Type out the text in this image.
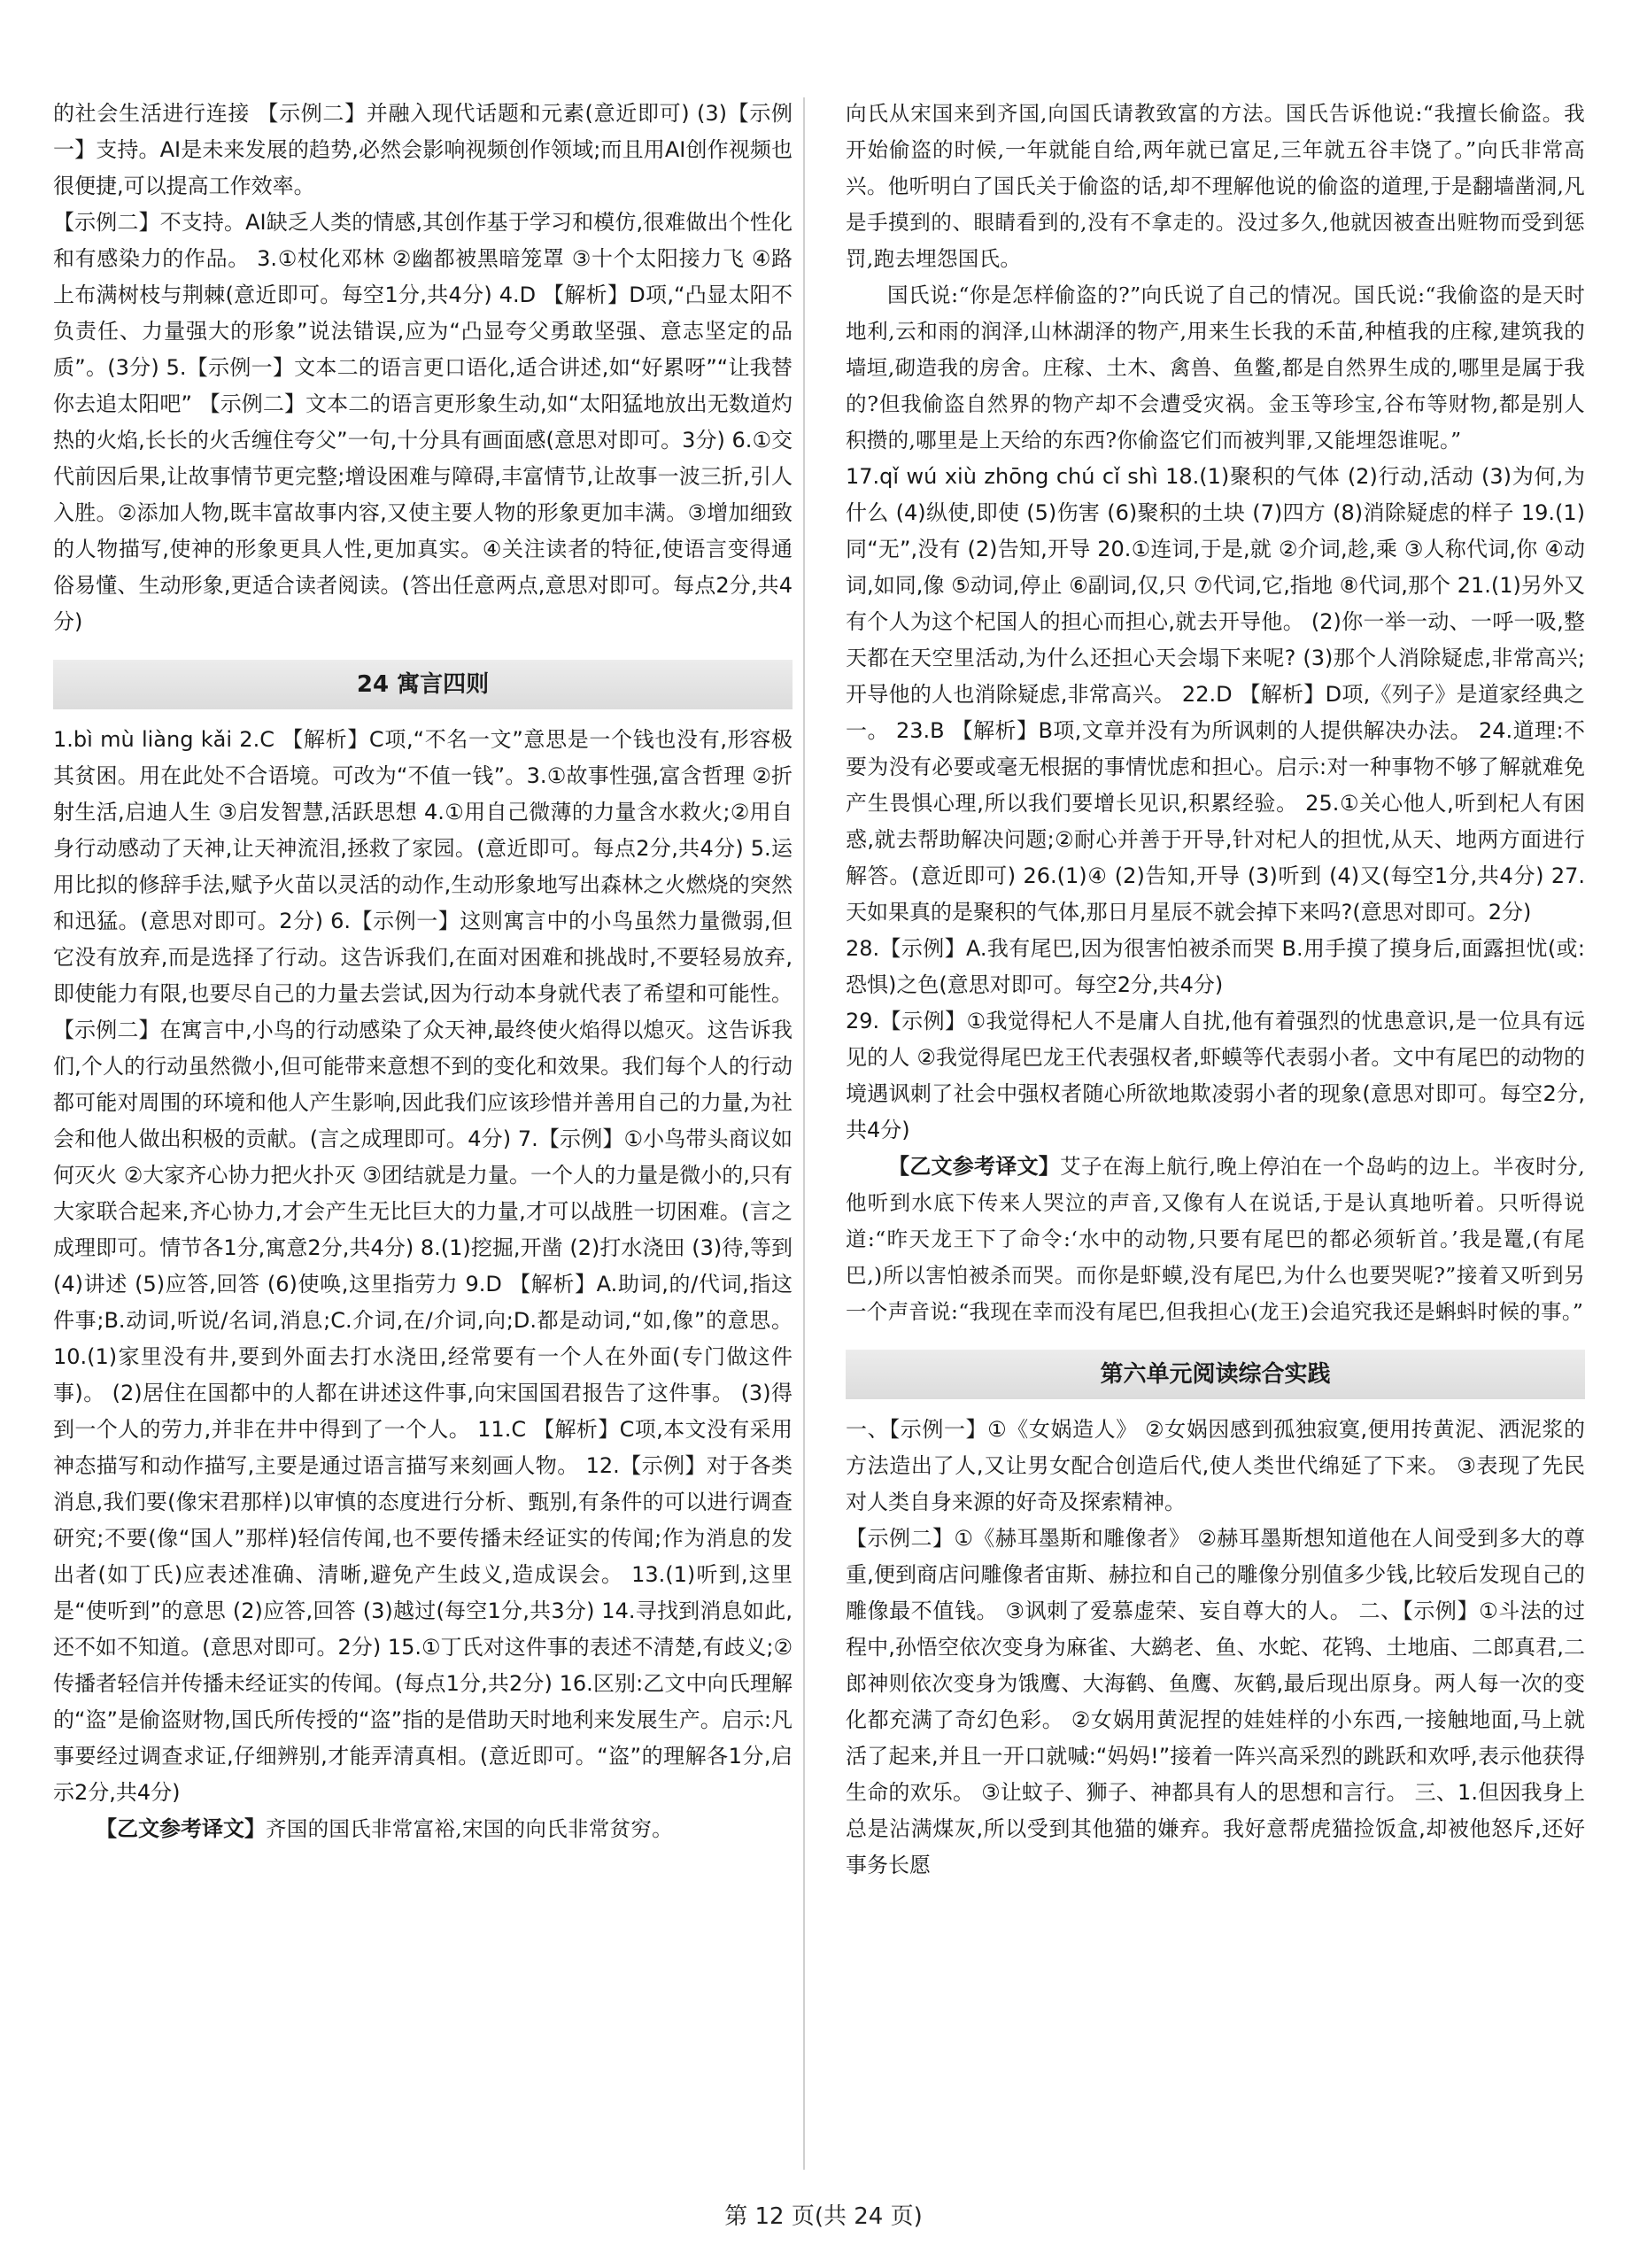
的社会生活进行连接 【示例二】并融入现代话题和元素(意近即可) (3)【示例一】支持。AI是未来发展的趋势,必然会影响视频创作领域;而且用AI创作视频也很便捷,可以提高工作效率。

【示例二】不支持。AI缺乏人类的情感,其创作基于学习和模仿,很难做出个性化和有感染力的作品。 3.①杖化邓林 ②幽都被黑暗笼罩 ③十个太阳接力飞 ④路上布满树枝与荆棘(意近即可。每空1分,共4分) 4.D 【解析】D项,“凸显太阳不负责任、力量强大的形象”说法错误,应为“凸显夸父勇敢坚强、意志坚定的品质”。(3分) 5.【示例一】文本二的语言更口语化,适合讲述,如“好累呀”“让我替你去追太阳吧” 【示例二】文本二的语言更形象生动,如“太阳猛地放出无数道灼热的火焰,长长的火舌缠住夸父”一句,十分具有画面感(意思对即可。3分) 6.①交代前因后果,让故事情节更完整;增设困难与障碍,丰富情节,让故事一波三折,引人入胜。②添加人物,既丰富故事内容,又使主要人物的形象更加丰满。③增加细致的人物描写,使神的形象更具人性,更加真实。④关注读者的特征,使语言变得通俗易懂、生动形象,更适合读者阅读。(答出任意两点,意思对即可。每点2分,共4分)

24 寓言四则

1.bì mù liàng kǎi 2.C 【解析】C项,“不名一文”意思是一个钱也没有,形容极其贫困。用在此处不合语境。可改为“不值一钱”。3.①故事性强,富含哲理 ②折射生活,启迪人生 ③启发智慧,活跃思想 4.①用自己微薄的力量含水救火;②用自身行动感动了天神,让天神流泪,拯救了家园。(意近即可。每点2分,共4分) 5.运用比拟的修辞手法,赋予火苗以灵活的动作,生动形象地写出森林之火燃烧的突然和迅猛。(意思对即可。2分) 6.【示例一】这则寓言中的小鸟虽然力量微弱,但它没有放弃,而是选择了行动。这告诉我们,在面对困难和挑战时,不要轻易放弃,即使能力有限,也要尽自己的力量去尝试,因为行动本身就代表了希望和可能性。 【示例二】在寓言中,小鸟的行动感染了众天神,最终使火焰得以熄灭。这告诉我们,个人的行动虽然微小,但可能带来意想不到的变化和效果。我们每个人的行动都可能对周围的环境和他人产生影响,因此我们应该珍惜并善用自己的力量,为社会和他人做出积极的贡献。(言之成理即可。4分) 7.【示例】①小鸟带头商议如何灭火 ②大家齐心协力把火扑灭 ③团结就是力量。一个人的力量是微小的,只有大家联合起来,齐心协力,才会产生无比巨大的力量,才可以战胜一切困难。(言之成理即可。情节各1分,寓意2分,共4分) 8.(1)挖掘,开凿 (2)打水浇田 (3)待,等到 (4)讲述 (5)应答,回答 (6)使唤,这里指劳力 9.D 【解析】A.助词,的/代词,指这件事;B.动词,听说/名词,消息;C.介词,在/介词,向;D.都是动词,“如,像”的意思。 10.(1)家里没有井,要到外面去打水浇田,经常要有一个人在外面(专门做这件事)。 (2)居住在国都中的人都在讲述这件事,向宋国国君报告了这件事。 (3)得到一个人的劳力,并非在井中得到了一个人。 11.C 【解析】C项,本文没有采用神态描写和动作描写,主要是通过语言描写来刻画人物。 12.【示例】对于各类消息,我们要(像宋君那样)以审慎的态度进行分析、甄别,有条件的可以进行调查研究;不要(像“国人”那样)轻信传闻,也不要传播未经证实的传闻;作为消息的发出者(如丁氏)应表述准确、清晰,避免产生歧义,造成误会。 13.(1)听到,这里是“使听到”的意思 (2)应答,回答 (3)越过(每空1分,共3分) 14.寻找到消息如此,还不如不知道。(意思对即可。2分) 15.①丁氏对这件事的表述不清楚,有歧义;②传播者轻信并传播未经证实的传闻。(每点1分,共2分) 16.区别:乙文中向氏理解的“盗”是偷盗财物,国氏所传授的“盗”指的是借助天时地利来发展生产。启示:凡事要经过调查求证,仔细辨别,才能弄清真相。(意近即可。“盗”的理解各1分,启示2分,共4分)

【乙文参考译文】齐国的国氏非常富裕,宋国的向氏非常贫穷。

向氏从宋国来到齐国,向国氏请教致富的方法。国氏告诉他说:“我擅长偷盗。我开始偷盗的时候,一年就能自给,两年就已富足,三年就五谷丰饶了。”向氏非常高兴。他听明白了国氏关于偷盗的话,却不理解他说的偷盗的道理,于是翻墙凿洞,凡是手摸到的、眼睛看到的,没有不拿走的。没过多久,他就因被查出赃物而受到惩罚,跑去埋怨国氏。

国氏说:“你是怎样偷盗的?”向氏说了自己的情况。国氏说:“我偷盗的是天时地利,云和雨的润泽,山林湖泽的物产,用来生长我的禾苗,种植我的庄稼,建筑我的墙垣,砌造我的房舍。庄稼、土木、禽兽、鱼鳖,都是自然界生成的,哪里是属于我的?但我偷盗自然界的物产却不会遭受灾祸。金玉等珍宝,谷布等财物,都是别人积攒的,哪里是上天给的东西?你偷盗它们而被判罪,又能埋怨谁呢。”

17.qǐ wú xiù zhōng chú cǐ shì 18.(1)聚积的气体 (2)行动,活动 (3)为何,为什么 (4)纵使,即使 (5)伤害 (6)聚积的土块 (7)四方 (8)消除疑虑的样子 19.(1)同“无”,没有 (2)告知,开导 20.①连词,于是,就 ②介词,趁,乘 ③人称代词,你 ④动词,如同,像 ⑤动词,停止 ⑥副词,仅,只 ⑦代词,它,指地 ⑧代词,那个 21.(1)另外又有个人为这个杞国人的担心而担心,就去开导他。 (2)你一举一动、一呼一吸,整天都在天空里活动,为什么还担心天会塌下来呢? (3)那个人消除疑虑,非常高兴;开导他的人也消除疑虑,非常高兴。 22.D 【解析】D项,《列子》是道家经典之一。 23.B 【解析】B项,文章并没有为所讽刺的人提供解决办法。 24.道理:不要为没有必要或毫无根据的事情忧虑和担心。启示:对一种事物不够了解就难免产生畏惧心理,所以我们要增长见识,积累经验。 25.①关心他人,听到杞人有困惑,就去帮助解决问题;②耐心并善于开导,针对杞人的担忧,从天、地两方面进行解答。(意近即可) 26.(1)④ (2)告知,开导 (3)听到 (4)又(每空1分,共4分) 27.天如果真的是聚积的气体,那日月星辰不就会掉下来吗?(意思对即可。2分)

28.【示例】A.我有尾巴,因为很害怕被杀而哭 B.用手摸了摸身后,面露担忧(或:恐惧)之色(意思对即可。每空2分,共4分)

29.【示例】①我觉得杞人不是庸人自扰,他有着强烈的忧患意识,是一位具有远见的人 ②我觉得尾巴龙王代表强权者,虾蟆等代表弱小者。文中有尾巴的动物的境遇讽刺了社会中强权者随心所欲地欺凌弱小者的现象(意思对即可。每空2分,共4分)

【乙文参考译文】艾子在海上航行,晚上停泊在一个岛屿的边上。半夜时分,他听到水底下传来人哭泣的声音,又像有人在说话,于是认真地听着。只听得说道:“昨天龙王下了命令:‘水中的动物,只要有尾巴的都必须斩首。’我是鼍,(有尾巴,)所以害怕被杀而哭。而你是虾蟆,没有尾巴,为什么也要哭呢?”接着又听到另一个声音说:“我现在幸而没有尾巴,但我担心(龙王)会追究我还是蝌蚪时候的事。”

第六单元阅读综合实践

一、【示例一】①《女娲造人》 ②女娲因感到孤独寂寞,便用抟黄泥、洒泥浆的方法造出了人,又让男女配合创造后代,使人类世代绵延了下来。 ③表现了先民对人类自身来源的好奇及探索精神。

【示例二】①《赫耳墨斯和雕像者》 ②赫耳墨斯想知道他在人间受到多大的尊重,便到商店问雕像者宙斯、赫拉和自己的雕像分别值多少钱,比较后发现自己的雕像最不值钱。 ③讽刺了爱慕虚荣、妄自尊大的人。 二、【示例】①斗法的过程中,孙悟空依次变身为麻雀、大鹚老、鱼、水蛇、花鸨、土地庙、二郎真君,二郎神则依次变身为饿鹰、大海鹤、鱼鹰、灰鹤,最后现出原身。两人每一次的变化都充满了奇幻色彩。 ②女娲用黄泥捏的娃娃样的小东西,一接触地面,马上就活了起来,并且一开口就喊:“妈妈!”接着一阵兴高采烈的跳跃和欢呼,表示他获得生命的欢乐。 ③让蚊子、狮子、神都具有人的思想和言行。 三、1.但因我身上总是沾满煤灰,所以受到其他猫的嫌弃。我好意帮虎猫捡饭盒,却被他怒斥,还好事务长愿

第 12 页(共 24 页)
